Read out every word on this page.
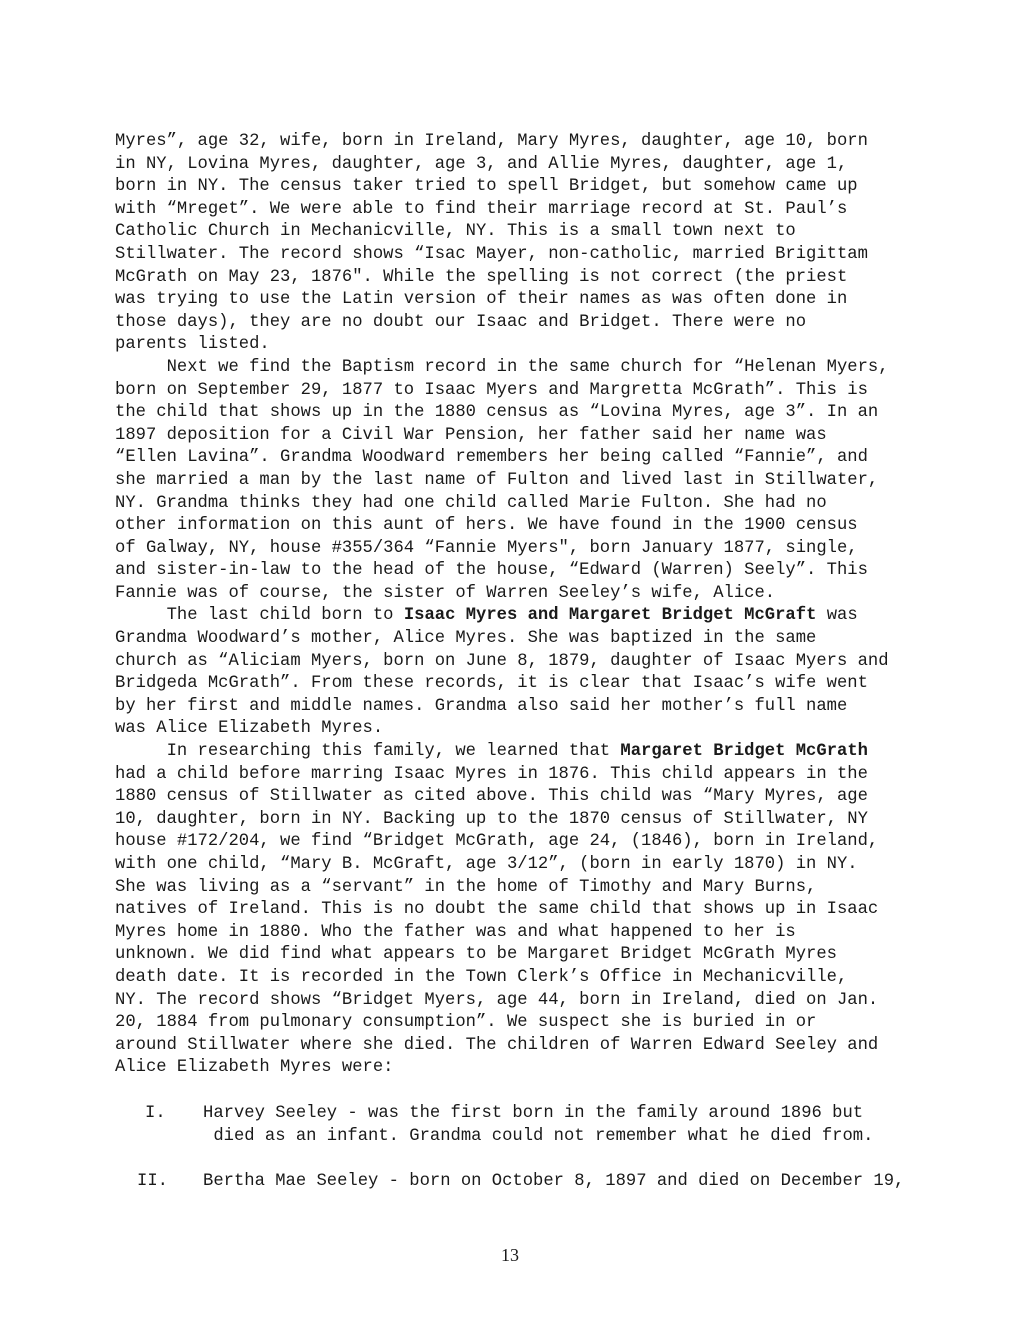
Myres”, age 32, wife, born in Ireland, Mary Myres, daughter, age 10, born
in NY, Lovina Myres, daughter, age 3, and Allie Myres, daughter, age 1,
born in NY. The census taker tried to spell Bridget, but somehow came up
with “Mreget”. We were able to find their marriage record at St. Paul’s
Catholic Church in Mechanicville, NY. This is a small town next to
Stillwater. The record shows “Isac Mayer, non-catholic, married Brigittam
McGrath on May 23, 1876". While the spelling is not correct (the priest
was trying to use the Latin version of their names as was often done in
those days), they are no doubt our Isaac and Bridget. There were no
parents listed.
Next we find the Baptism record in the same church for “Helenan Myers,
born on September 29, 1877 to Isaac Myers and Margretta McGrath”. This is
the child that shows up in the 1880 census as “Lovina Myres, age 3”. In an
1897 deposition for a Civil War Pension, her father said her name was
“Ellen Lavina”. Grandma Woodward remembers her being called “Fannie”, and
she married a man by the last name of Fulton and lived last in Stillwater,
NY. Grandma thinks they had one child called Marie Fulton. She had no
other information on this aunt of hers. We have found in the 1900 census
of Galway, NY, house #355/364 “Fannie Myers", born January 1877, single,
and sister-in-law to the head of the house, “Edward (Warren) Seely”. This
Fannie was of course, the sister of Warren Seeley’s wife, Alice.
The last child born to Isaac Myres and Margaret Bridget McGraft was
Grandma Woodward’s mother, Alice Myres. She was baptized in the same
church as “Aliciam Myers, born on June 8, 1879, daughter of Isaac Myers and
Bridgeda McGrath”. From these records, it is clear that Isaac’s wife went
by her first and middle names. Grandma also said her mother’s full name
was Alice Elizabeth Myres.
In researching this family, we learned that Margaret Bridget McGrath
had a child before marring Isaac Myres in 1876. This child appears in the
1880 census of Stillwater as cited above. This child was “Mary Myres, age
10, daughter, born in NY. Backing up to the 1870 census of Stillwater, NY
house #172/204, we find “Bridget McGrath, age 24, (1846), born in Ireland,
with one child, “Mary B. McGraft, age 3/12”, (born in early 1870) in NY.
She was living as a “servant” in the home of Timothy and Mary Burns,
natives of Ireland. This is no doubt the same child that shows up in Isaac
Myres home in 1880. Who the father was and what happened to her is
unknown. We did find what appears to be Margaret Bridget McGrath Myres
death date. It is recorded in the Town Clerk’s Office in Mechanicville,
NY. The record shows “Bridget Myers, age 44, born in Ireland, died on Jan.
20, 1884 from pulmonary consumption”. We suspect she is buried in or
around Stillwater where she died. The children of Warren Edward Seeley and
Alice Elizabeth Myres were:
I. Harvey Seeley - was the first born in the family around 1896 but
died as an infant. Grandma could not remember what he died from.
II. Bertha Mae Seeley - born on October 8, 1897 and died on December 19,
13
